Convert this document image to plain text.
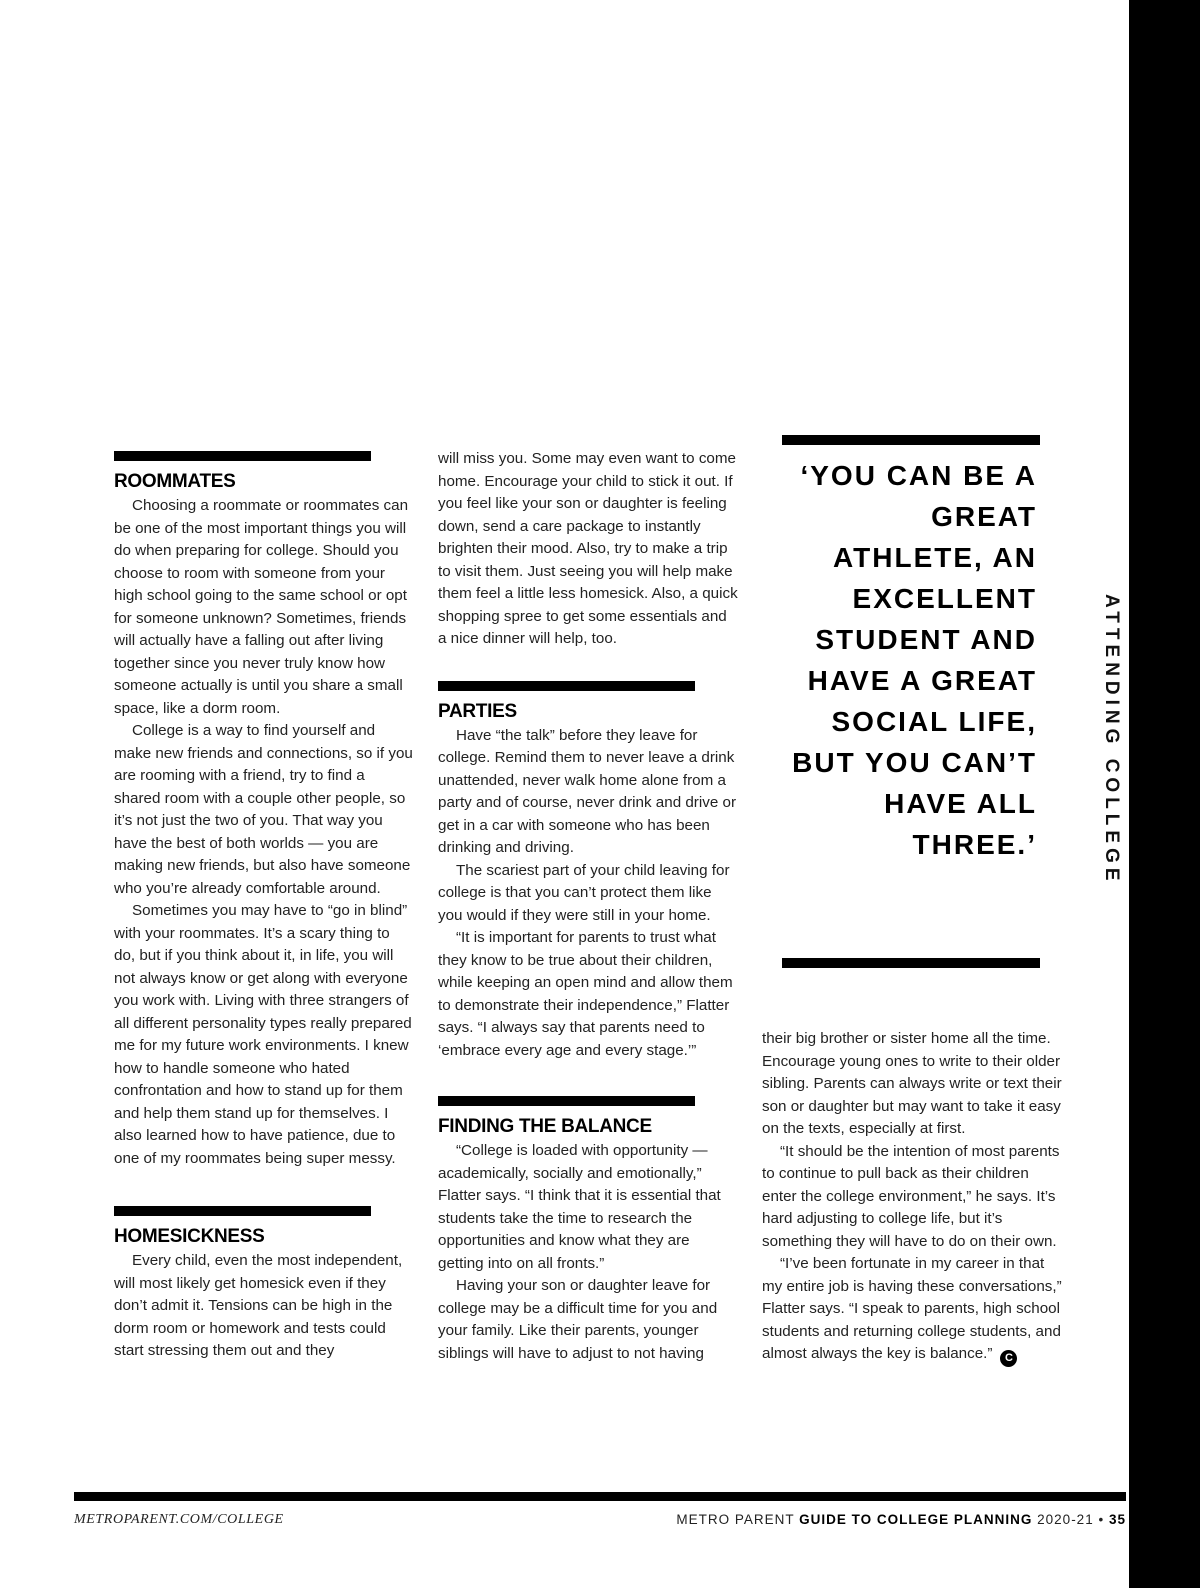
ATTENDING COLLEGE
ROOMMATES

Choosing a roommate or roommates can be one of the most important things you will do when preparing for college. Should you choose to room with someone from your high school going to the same school or opt for someone unknown? Sometimes, friends will actually have a falling out after living together since you never truly know how someone actually is until you share a small space, like a dorm room.

College is a way to find yourself and make new friends and connections, so if you are rooming with a friend, try to find a shared room with a couple other people, so it’s not just the two of you. That way you have the best of both worlds — you are making new friends, but also have someone who you’re already comfortable around.

Sometimes you may have to “go in blind” with your roommates. It’s a scary thing to do, but if you think about it, in life, you will not always know or get along with everyone you work with. Living with three strangers of all different personality types really prepared me for my future work environments. I knew how to handle someone who hated confrontation and how to stand up for them and help them stand up for themselves. I also learned how to have patience, due to one of my roommates being super messy.

HOMESICKNESS

Every child, even the most independent, will most likely get homesick even if they don’t admit it. Tensions can be high in the dorm room or homework and tests could start stressing them out and they

will miss you. Some may even want to come home. Encourage your child to stick it out. If you feel like your son or daughter is feeling down, send a care package to instantly brighten their mood. Also, try to make a trip to visit them. Just seeing you will help make them feel a little less homesick. Also, a quick shopping spree to get some essentials and a nice dinner will help, too.

PARTIES

Have “the talk” before they leave for college. Remind them to never leave a drink unattended, never walk home alone from a party and of course, never drink and drive or get in a car with someone who has been drinking and driving.

The scariest part of your child leaving for college is that you can’t protect them like you would if they were still in your home.

“It is important for parents to trust what they know to be true about their children, while keeping an open mind and allow them to demonstrate their independence,” Flatter says. “I always say that parents need to ‘embrace every age and every stage.’”

FINDING THE BALANCE

“College is loaded with opportunity — academically, socially and emotionally,” Flatter says. “I think that it is essential that students take the time to research the opportunities and know what they are getting into on all fronts.”

Having your son or daughter leave for college may be a difficult time for you and your family. Like their parents, younger siblings will have to adjust to not having

‘YOU CAN BE A GREAT ATHLETE, AN EXCELLENT STUDENT AND HAVE A GREAT SOCIAL LIFE, BUT YOU CAN’T HAVE ALL THREE.’

their big brother or sister home all the time. Encourage young ones to write to their older sibling. Parents can always write or text their son or daughter but may want to take it easy on the texts, especially at first.

“It should be the intention of most parents to continue to pull back as their children enter the college environment,” he says. It’s hard adjusting to college life, but it’s something they will have to do on their own.

“I’ve been fortunate in my career in that my entire job is having these conversations,” Flatter says. “I speak to parents, high school students and returning college students, and almost always the key is balance.” C

METROPARENT.COM/COLLEGE	METRO PARENT GUIDE TO COLLEGE PLANNING 2020-21 • 35
